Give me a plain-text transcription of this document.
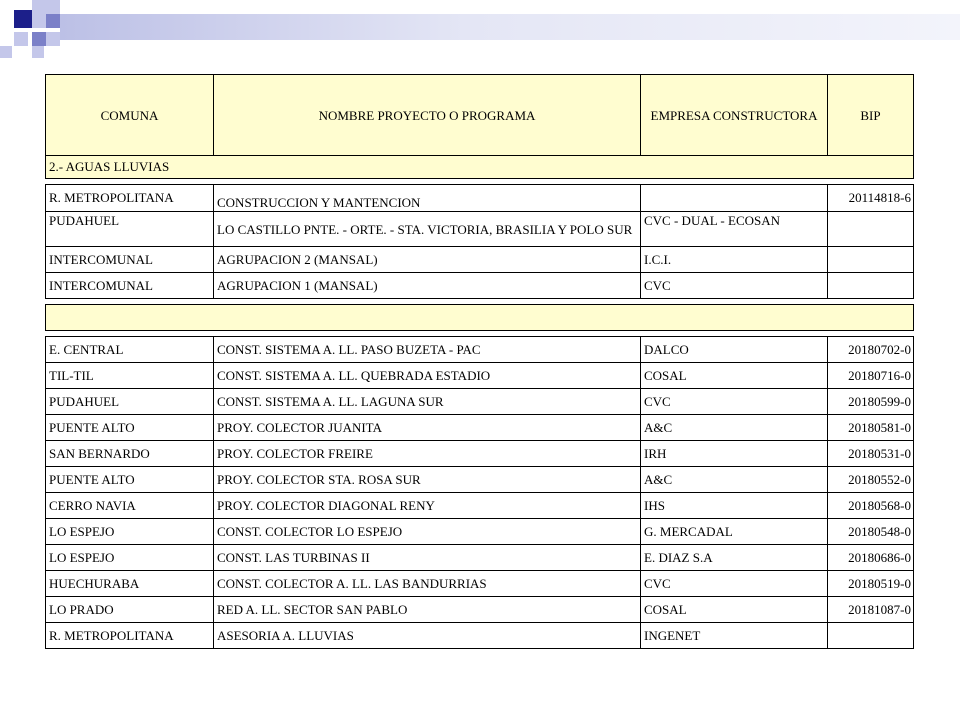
COMUNA	NOMBRE PROYECTO O PROGRAMA	EMPRESA CONSTRUCTORA	BIP
2.- AGUAS LLUVIAS			

R. METROPOLITANA	CONSTRUCCION Y MANTENCION		20114818-6
PUDAHUEL	LO CASTILLO PNTE. - ORTE. - STA. VICTORIA, BRASILIA Y POLO SUR	CVC - DUAL - ECOSAN	
INTERCOMUNAL	AGRUPACION 2 (MANSAL)	I.C.I.	
INTERCOMUNAL	AGRUPACION 1 (MANSAL)	CVC	

E. CENTRAL	CONST. SISTEMA A. LL. PASO BUZETA - PAC	DALCO	20180702-0
TIL-TIL	CONST. SISTEMA A. LL. QUEBRADA ESTADIO	COSAL	20180716-0
PUDAHUEL	CONST. SISTEMA A. LL. LAGUNA SUR	CVC	20180599-0
PUENTE ALTO	PROY. COLECTOR JUANITA	A&C	20180581-0
SAN BERNARDO	PROY. COLECTOR FREIRE	IRH	20180531-0
PUENTE ALTO	PROY. COLECTOR STA. ROSA SUR	A&C	20180552-0
CERRO NAVIA	PROY. COLECTOR DIAGONAL RENY	IHS	20180568-0
LO ESPEJO	CONST. COLECTOR LO ESPEJO	G. MERCADAL	20180548-0
LO ESPEJO	CONST. LAS TURBINAS II	E. DIAZ S.A	20180686-0
HUECHURABA	CONST. COLECTOR A. LL. LAS BANDURRIAS	CVC	20180519-0
LO PRADO	RED A. LL. SECTOR SAN PABLO	COSAL	20181087-0
R. METROPOLITANA	ASESORIA A. LLUVIAS	INGENET	
